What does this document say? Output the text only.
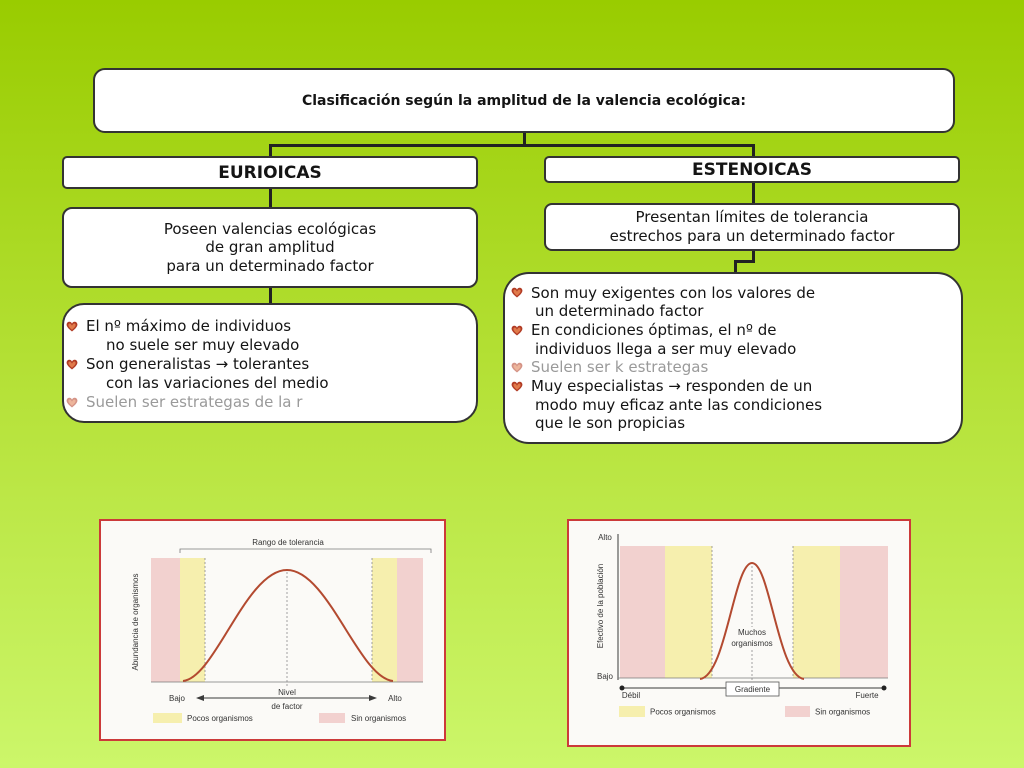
Clasificación según la amplitud de la valencia ecológica:
EURIOICAS	ESTENOICAS
Poseen valencias ecológicas
de gran amplitud
para un determinado factor
Presentan límites de tolerancia
estrechos para un determinado factor
El nº máximo de individuos
no suele ser muy elevado
Son generalistas → tolerantes
con las variaciones del medio
Suelen ser estrategas de la r
Son muy exigentes con los valores de
un determinado factor
En condiciones óptimas, el nº de
individuos llega a ser muy elevado
Suelen ser k estrategas
Muy especialistas → responden de un
modo muy eficaz ante las condiciones
que le son propicias
Rango de tolerancia
Abundancia de organismos
Bajo	Alto
Nivel
de factor
Pocos organismos	Sin organismos
Alto
Bajo
Efectivo de la población	Muchos
organismos
Gradiente
Débil	Fuerte
Pocos organismos	Sin organismos
